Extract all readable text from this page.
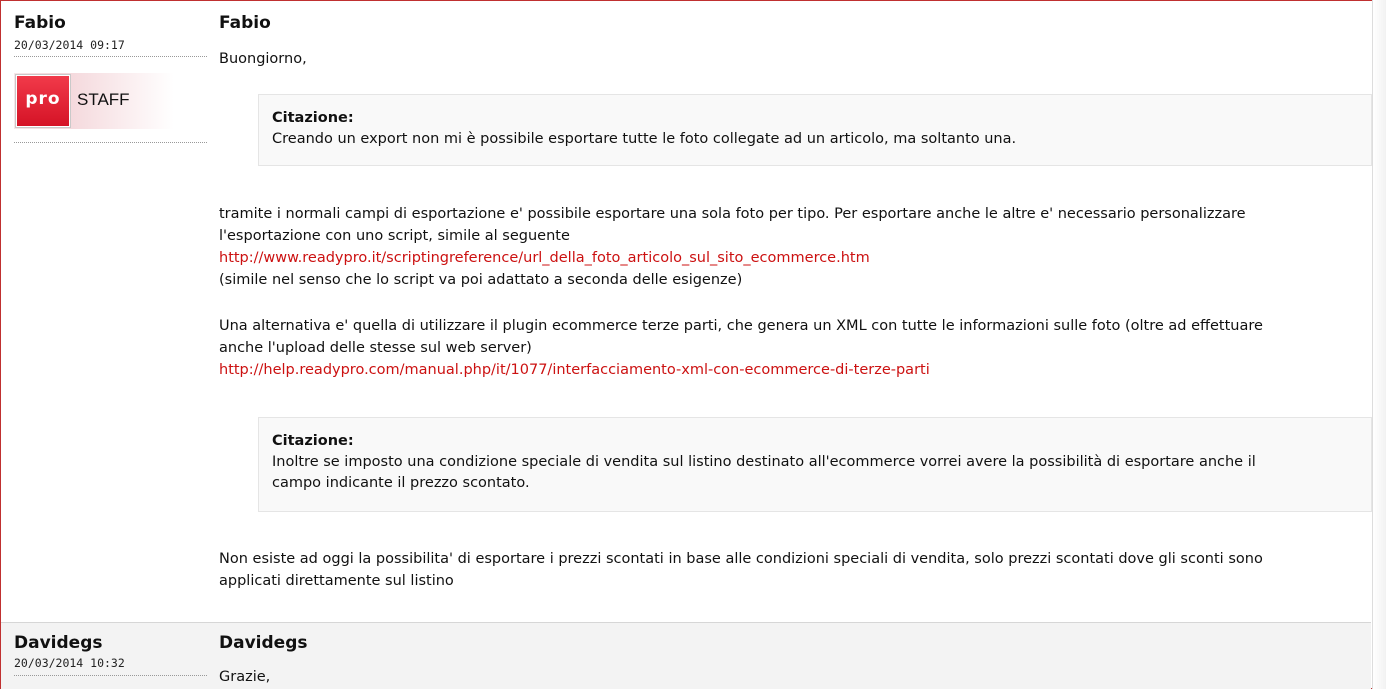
Fabio
20/03/2014 09:17
pro STAFF
Fabio
Buongiorno,
Citazione:
Creando un export non mi è possibile esportare tutte le foto collegate ad un articolo, ma soltanto una.
tramite i normali campi di esportazione e' possibile esportare una sola foto per tipo. Per esportare anche le altre e' necessario personalizzare
l'esportazione con uno script, simile al seguente
http://www.readypro.it/scriptingreference/url_della_foto_articolo_sul_sito_ecommerce.htm
(simile nel senso che lo script va poi adattato a seconda delle esigenze)
Una alternativa e' quella di utilizzare il plugin ecommerce terze parti, che genera un XML con tutte le informazioni sulle foto (oltre ad effettuare
anche l'upload delle stesse sul web server)
http://help.readypro.com/manual.php/it/1077/interfacciamento-xml-con-ecommerce-di-terze-parti
Citazione:
Inoltre se imposto una condizione speciale di vendita sul listino destinato all'ecommerce vorrei avere la possibilità di esportare anche il
campo indicante il prezzo scontato.
Non esiste ad oggi la possibilita' di esportare i prezzi scontati in base alle condizioni speciali di vendita, solo prezzi scontati dove gli sconti sono
applicati direttamente sul listino
Davidegs
20/03/2014 10:32
Davidegs
Grazie,
